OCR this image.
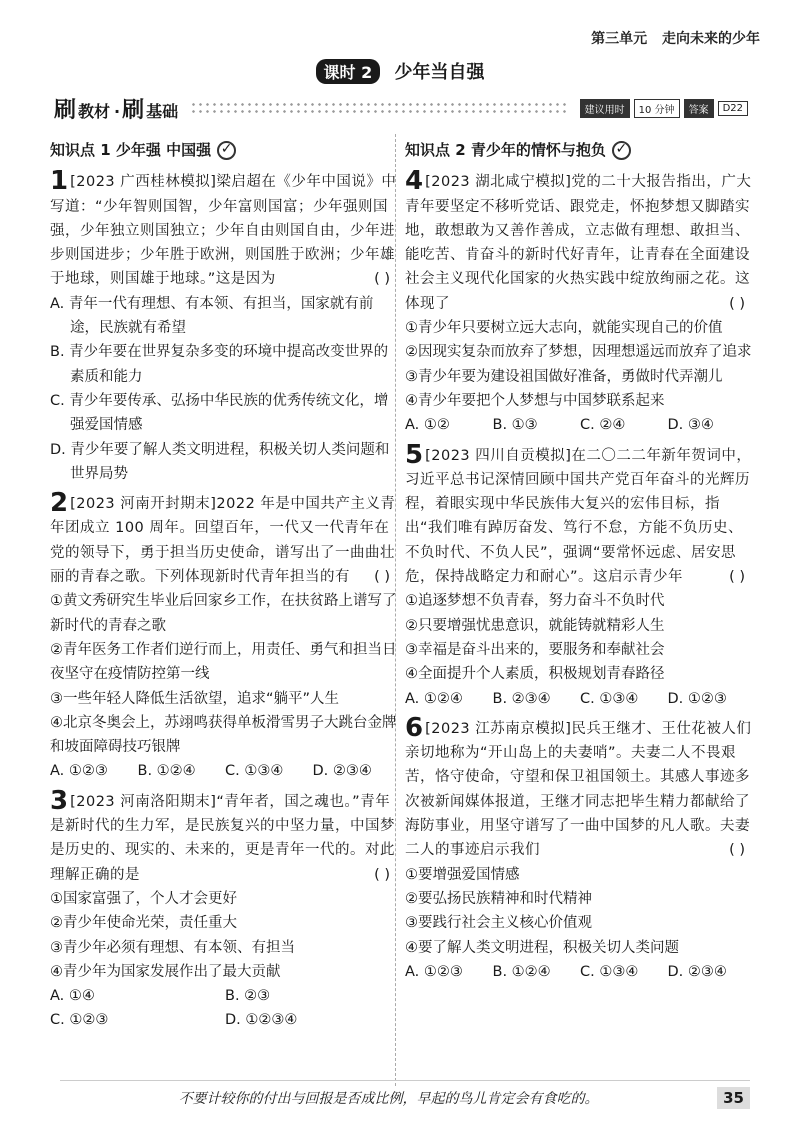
第三单元 走向未来的少年
课时 2 少年当自强
刷 教材 ·刷 基础	建议用时	10 分钟	答案	D22
知识点 1 少年强 中国强 ✓
1 [2023 广西桂林模拟]梁启超在《少年中国说》中写道：“少年智则国智，少年富则国富；少年强则国强，少年独立则国独立；少年自由则国自由，少年进步则国进步；少年胜于欧洲，则国胜于欧洲；少年雄于地球，则国雄于地球。”这是因为	( )
A. 青年一代有理想、有本领、有担当，国家就有前途，民族就有希望
B. 青少年要在世界复杂多变的环境中提高改变世界的素质和能力
C. 青少年要传承、弘扬中华民族的优秀传统文化，增强爱国情感
D. 青少年要了解人类文明进程，积极关切人类问题和世界局势
2 [2023 河南开封期末]2022 年是中国共产主义青年团成立 100 周年。回望百年，一代又一代青年在党的领导下，勇于担当历史使命，谱写出了一曲曲壮丽的青春之歌。下列体现新时代青年担当的有 ( )
①黄文秀研究生毕业后回家乡工作，在扶贫路上谱写了新时代的青春之歌
②青年医务工作者们逆行而上，用责任、勇气和担当日夜坚守在疫情防控第一线
③一些年轻人降低生活欲望，追求“躺平”人生
④北京冬奥会上，苏翊鸣获得单板滑雪男子大跳台金牌和坡面障碍技巧银牌
A. ①②③	B. ①②④	C. ①③④	D. ②③④
3 [2023 河南洛阳期末]“青年者，国之魂也。”青年是新时代的生力军，是民族复兴的中坚力量，中国梦是历史的、现实的、未来的，更是青年一代的。对此理解正确的是	( )
①国家富强了，个人才会更好
②青少年使命光荣，责任重大
③青少年必须有理想、有本领、有担当
④青少年为国家发展作出了最大贡献
A. ①④	B. ②③
C. ①②③	D. ①②③④
知识点 2 青少年的情怀与抱负 ✓
4 [2023 湖北咸宁模拟]党的二十大报告指出，广大青年要坚定不移听党话、跟党走，怀抱梦想又脚踏实地，敢想敢为又善作善成，立志做有理想、敢担当、能吃苦、肯奋斗的新时代好青年，让青春在全面建设社会主义现代化国家的火热实践中绽放绚丽之花。这体现了	( )
①青少年只要树立远大志向，就能实现自己的价值
②因现实复杂而放弃了梦想，因理想遥远而放弃了追求
③青少年要为建设祖国做好准备，勇做时代弄潮儿
④青少年要把个人梦想与中国梦联系起来
A. ①②	B. ①③	C. ②④	D. ③④
5 [2023 四川自贡模拟]在二〇二二年新年贺词中，习近平总书记深情回顾中国共产党百年奋斗的光辉历程，着眼实现中华民族伟大复兴的宏伟目标，指出“我们唯有踔厉奋发、笃行不怠，方能不负历史、不负时代、不负人民”，强调“要常怀远虑、居安思危，保持战略定力和耐心”。这启示青少年	( )
①追逐梦想不负青春，努力奋斗不负时代
②只要增强忧患意识，就能铸就精彩人生
③幸福是奋斗出来的，要服务和奉献社会
④全面提升个人素质，积极规划青春路径
A. ①②④	B. ②③④	C. ①③④	D. ①②③
6 [2023 江苏南京模拟]民兵王继才、王仕花被人们亲切地称为“开山岛上的夫妻哨”。夫妻二人不畏艰苦，恪守使命，守望和保卫祖国领土。其感人事迹多次被新闻媒体报道，王继才同志把毕生精力都献给了海防事业，用坚守谱写了一曲中国梦的凡人歌。夫妻二人的事迹启示我们	( )
①要增强爱国情感
②要弘扬民族精神和时代精神
③要践行社会主义核心价值观
④要了解人类文明进程，积极关切人类问题
A. ①②③	B. ①②④	C. ①③④	D. ②③④
不要计较你的付出与回报是否成比例，早起的鸟儿肯定会有食吃的。	35
